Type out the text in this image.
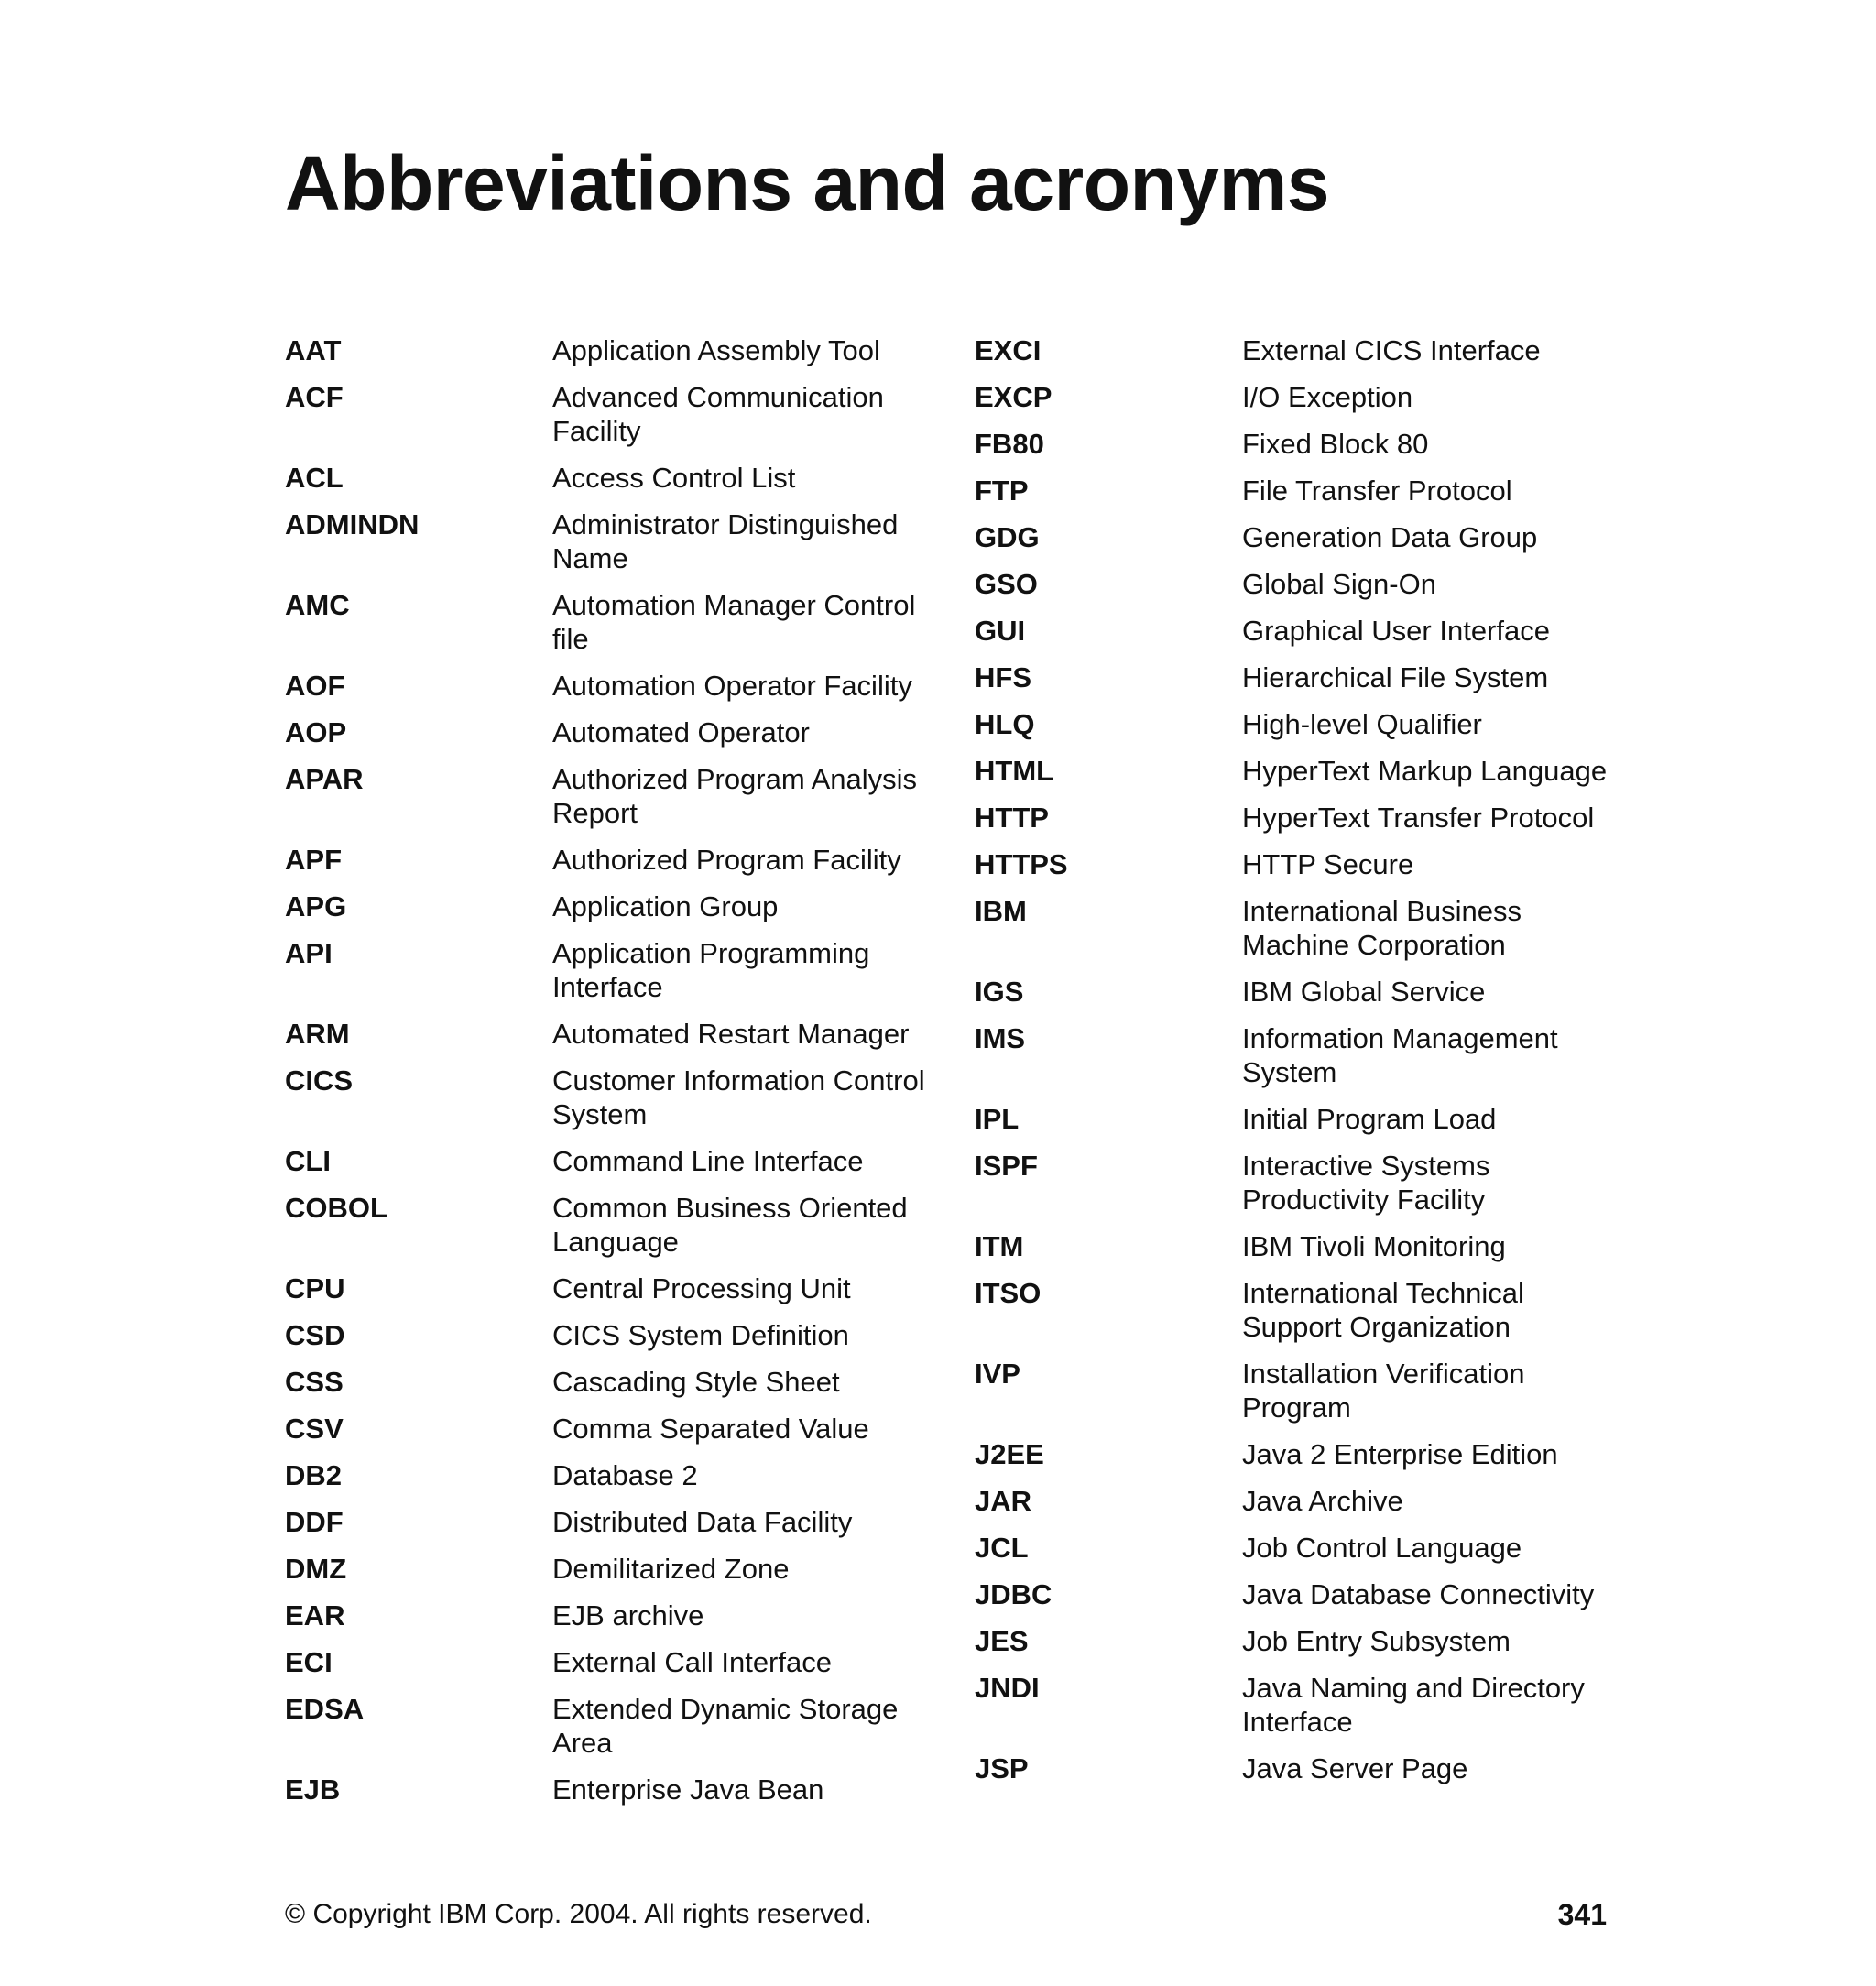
Abbreviations and acronyms
AAT	Application Assembly Tool
ACF	Advanced Communication Facility
ACL	Access Control List
ADMINDN	Administrator Distinguished Name
AMC	Automation Manager Control file
AOF	Automation Operator Facility
AOP	Automated Operator
APAR	Authorized Program Analysis Report
APF	Authorized Program Facility
APG	Application Group
API	Application Programming Interface
ARM	Automated Restart Manager
CICS	Customer Information Control System
CLI	Command Line Interface
COBOL	Common Business Oriented Language
CPU	Central Processing Unit
CSD	CICS System Definition
CSS	Cascading Style Sheet
CSV	Comma Separated Value
DB2	Database 2
DDF	Distributed Data Facility
DMZ	Demilitarized Zone
EAR	EJB archive
ECI	External Call Interface
EDSA	Extended Dynamic Storage Area
EJB	Enterprise Java Bean
EXCI	External CICS Interface
EXCP	I/O Exception
FB80	Fixed Block 80
FTP	File Transfer Protocol
GDG	Generation Data Group
GSO	Global Sign-On
GUI	Graphical User Interface
HFS	Hierarchical File System
HLQ	High-level Qualifier
HTML	HyperText Markup Language
HTTP	HyperText Transfer Protocol
HTTPS	HTTP Secure
IBM	International Business Machine Corporation
IGS	IBM Global Service
IMS	Information Management System
IPL	Initial Program Load
ISPF	Interactive Systems Productivity Facility
ITM	IBM Tivoli Monitoring
ITSO	International Technical Support Organization
IVP	Installation Verification Program
J2EE	Java 2 Enterprise Edition
JAR	Java Archive
JCL	Job Control Language
JDBC	Java Database Connectivity
JES	Job Entry Subsystem
JNDI	Java Naming and Directory Interface
JSP	Java Server Page
© Copyright IBM Corp. 2004. All rights reserved.	341
